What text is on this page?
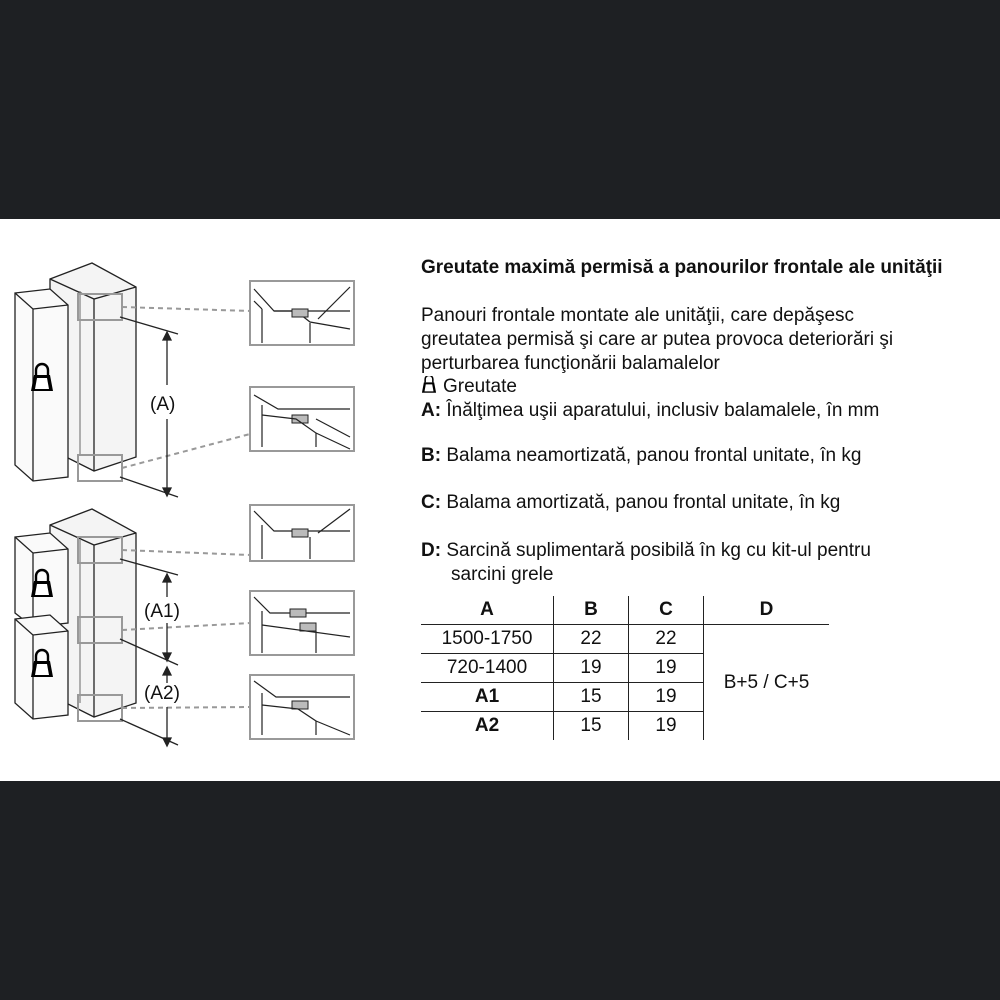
(A)
(A1)
(A2)
Greutate maximă permisă a panourilor frontale ale unităţii
Panouri frontale montate ale unităţii, care depăşesc
greutatea permisă şi care ar putea provoca deteriorări şi
perturbarea funcţionării balamalelor
Greutate
A: Înălţimea uşii aparatului, inclusiv balamalele, în mm
B: Balama neamortizată, panou frontal unitate, în kg
C: Balama amortizată, panou frontal unitate, în kg
D: Sarcină suplimentară posibilă în kg cu kit-ul pentru
sarcini grele
A	B	C	D
1500-1750	22	22	B+5 / C+5
720-1400	19	19	
A1	15	19	
A2	15	19	
